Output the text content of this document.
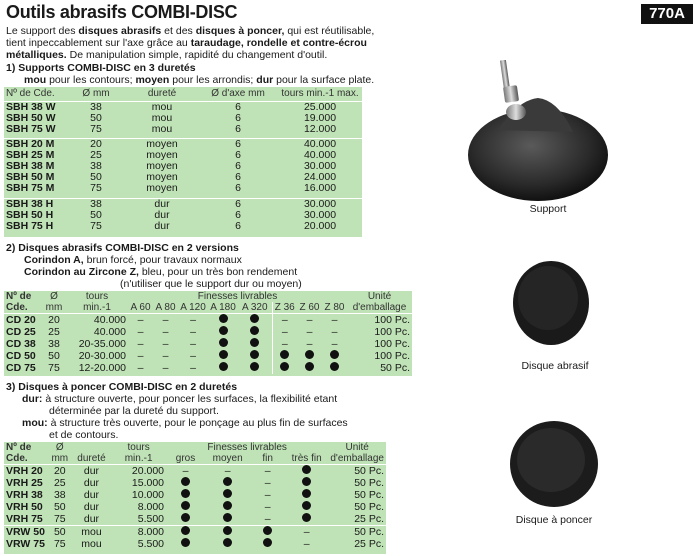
Outils abrasifs COMBI-DISC	770A
Le support des disques abrasifs et des disques à poncer, qui est réutilisable,
tient inpeccablement sur l'axe grâce au taraudage, rondelle et contre-écrou
métalliques. De manipulation simple, rapidité du changement d'outil.
1) Supports COMBI-DISC en 3 duretés
mou pour les contours; moyen pour les arrondis; dur pour la surface plate.
Nº de Cde.	Ø mm	dureté	Ø d'axe mm	tours min.-1 max.
SBH 38 W	38	mou	6	25.000
SBH 50 W	50	mou	6	19.000
SBH 75 W	75	mou	6	12.000

SBH 20 M	20	moyen	6	40.000
SBH 25 M	25	moyen	6	40.000
SBH 38 M	38	moyen	6	30.000
SBH 50 M	50	moyen	6	24.000
SBH 75 M	75	moyen	6	16.000

SBH 38 H	38	dur	6	30.000
SBH 50 H	50	dur	6	30.000
SBH 75 H	75	dur	6	20.000
2) Disques abrasifs COMBI-DISC en 2 versions
Corindon A, brun forcé, pour travaux normaux
Corindon au Zircone Z, bleu, pour un très bon rendement
(n'utiliser que le support dur ou moyen)
Nº de	Ø	tours	Finesses livrables								Unité
Cde.	mm	min.-1	A 60	A 80	A 120	A 180	A 320	Z 36	Z 60	Z 80	d'emballage
CD 20	20	40.000	–	–	–			–	–	–	100 Pc.
CD 25	25	40.000	–	–	–			–	–	–	100 Pc.
CD 38	38	20-35.000	–	–	–			–	–	–	100 Pc.
CD 50	50	20-30.000	–	–	–						100 Pc.
CD 75	75	12-20.000	–	–	–						50 Pc.
3) Disques à poncer COMBI-DISC en 2 duretés
dur: à structure ouverte, pour poncer les surfaces, la flexibilité etant
déterminée par la dureté du support.
mou: à structure très ouverte, pour le ponçage au plus fin de surfaces
et de contours.
Nº de	Ø		tours	Finesses livrables				Unité
Cde.	mm	dureté	min.-1	gros	moyen	fin	très fin	d'emballage
VRH 20	20	dur	20.000	–	–	–		50 Pc.
VRH 25	25	dur	15.000			–		50 Pc.
VRH 38	38	dur	10.000			–		50 Pc.
VRH 50	50	dur	8.000			–		50 Pc.
VRH 75	75	dur	5.500			–		25 Pc.
VRW 50	50	mou	8.000				–	50 Pc.
VRW 75	75	mou	5.500				–	25 Pc.
Support
Disque abrasif
Disque à poncer
